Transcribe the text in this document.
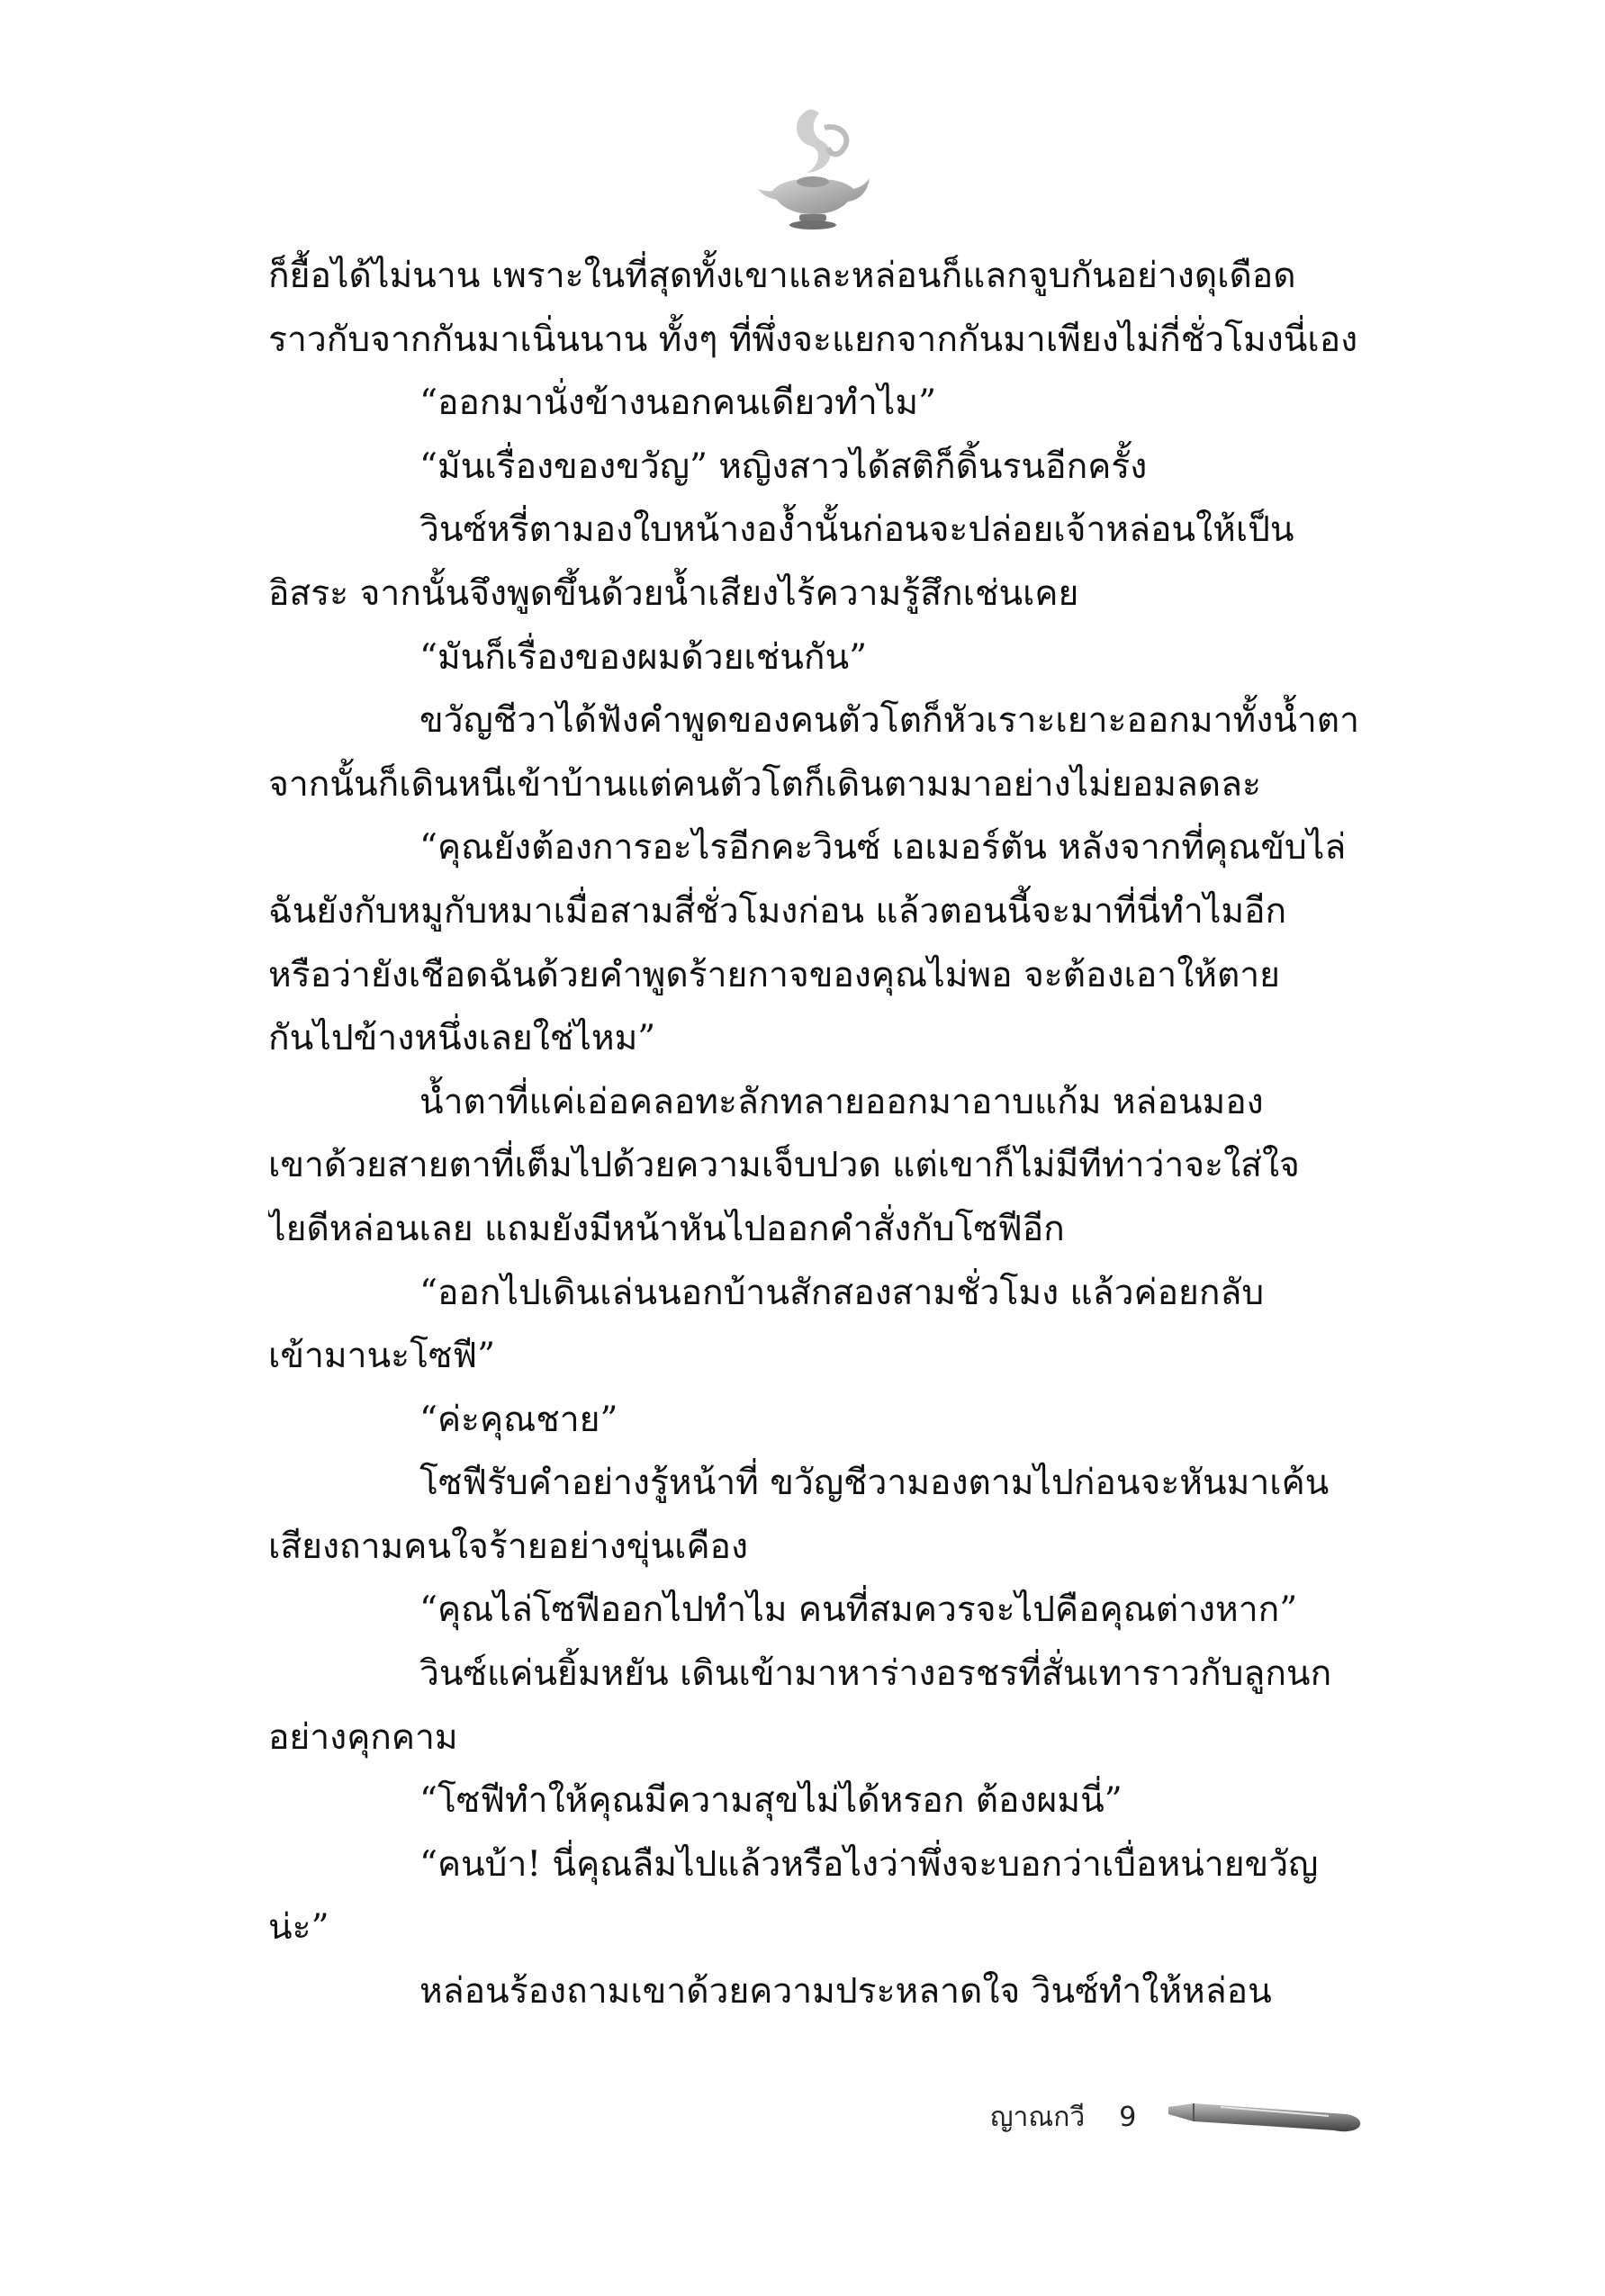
ก็ยื้อได้ไม่นาน เพราะในที่สุดทั้งเขาและหล่อนก็แลกจูบกันอย่างดุเดือด
ราวกับจากกันมาเนิ่นนาน ทั้งๆ ที่พึ่งจะแยกจากกันมาเพียงไม่กี่ชั่วโมงนี่เอง
“ออกมานั่งข้างนอกคนเดียวทำไม”
“มันเรื่องของขวัญ” หญิงสาวได้สติก็ดิ้นรนอีกครั้ง
วินซ์หรี่ตามองใบหน้างอง้ำนั้นก่อนจะปล่อยเจ้าหล่อนให้เป็น
อิสระ จากนั้นจึงพูดขึ้นด้วยน้ำเสียงไร้ความรู้สึกเช่นเคย
“มันก็เรื่องของผมด้วยเช่นกัน”
ขวัญชีวาได้ฟังคำพูดของคนตัวโตก็หัวเราะเยาะออกมาทั้งน้ำตา
จากนั้นก็เดินหนีเข้าบ้านแต่คนตัวโตก็เดินตามมาอย่างไม่ยอมลดละ
“คุณยังต้องการอะไรอีกคะวินซ์ เอเมอร์ตัน หลังจากที่คุณขับไล่
ฉันยังกับหมูกับหมาเมื่อสามสี่ชั่วโมงก่อน แล้วตอนนี้จะมาที่นี่ทำไมอีก
หรือว่ายังเชือดฉันด้วยคำพูดร้ายกาจของคุณไม่พอ จะต้องเอาให้ตาย
กันไปข้างหนึ่งเลยใช่ไหม”
น้ำตาที่แค่เอ่อคลอทะลักทลายออกมาอาบแก้ม หล่อนมอง
เขาด้วยสายตาที่เต็มไปด้วยความเจ็บปวด แต่เขาก็ไม่มีทีท่าว่าจะใส่ใจ
ไยดีหล่อนเลย แถมยังมีหน้าหันไปออกคำสั่งกับโซฟีอีก
“ออกไปเดินเล่นนอกบ้านสักสองสามชั่วโมง แล้วค่อยกลับ
เข้ามานะโซฟี”
“ค่ะคุณชาย”
โซฟีรับคำอย่างรู้หน้าที่ ขวัญชีวามองตามไปก่อนจะหันมาเค้น
เสียงถามคนใจร้ายอย่างขุ่นเคือง
“คุณไล่โซฟีออกไปทำไม คนที่สมควรจะไปคือคุณต่างหาก”
วินซ์แค่นยิ้มหยัน เดินเข้ามาหาร่างอรชรที่สั่นเทาราวกับลูกนก
อย่างคุกคาม
“โซฟีทำให้คุณมีความสุขไม่ได้หรอก ต้องผมนี่”
“คนบ้า! นี่คุณลืมไปแล้วหรือไงว่าพึ่งจะบอกว่าเบื่อหน่ายขวัญ
น่ะ”
หล่อนร้องถามเขาด้วยความประหลาดใจ วินซ์ทำให้หล่อน
ญาณกวี 9
